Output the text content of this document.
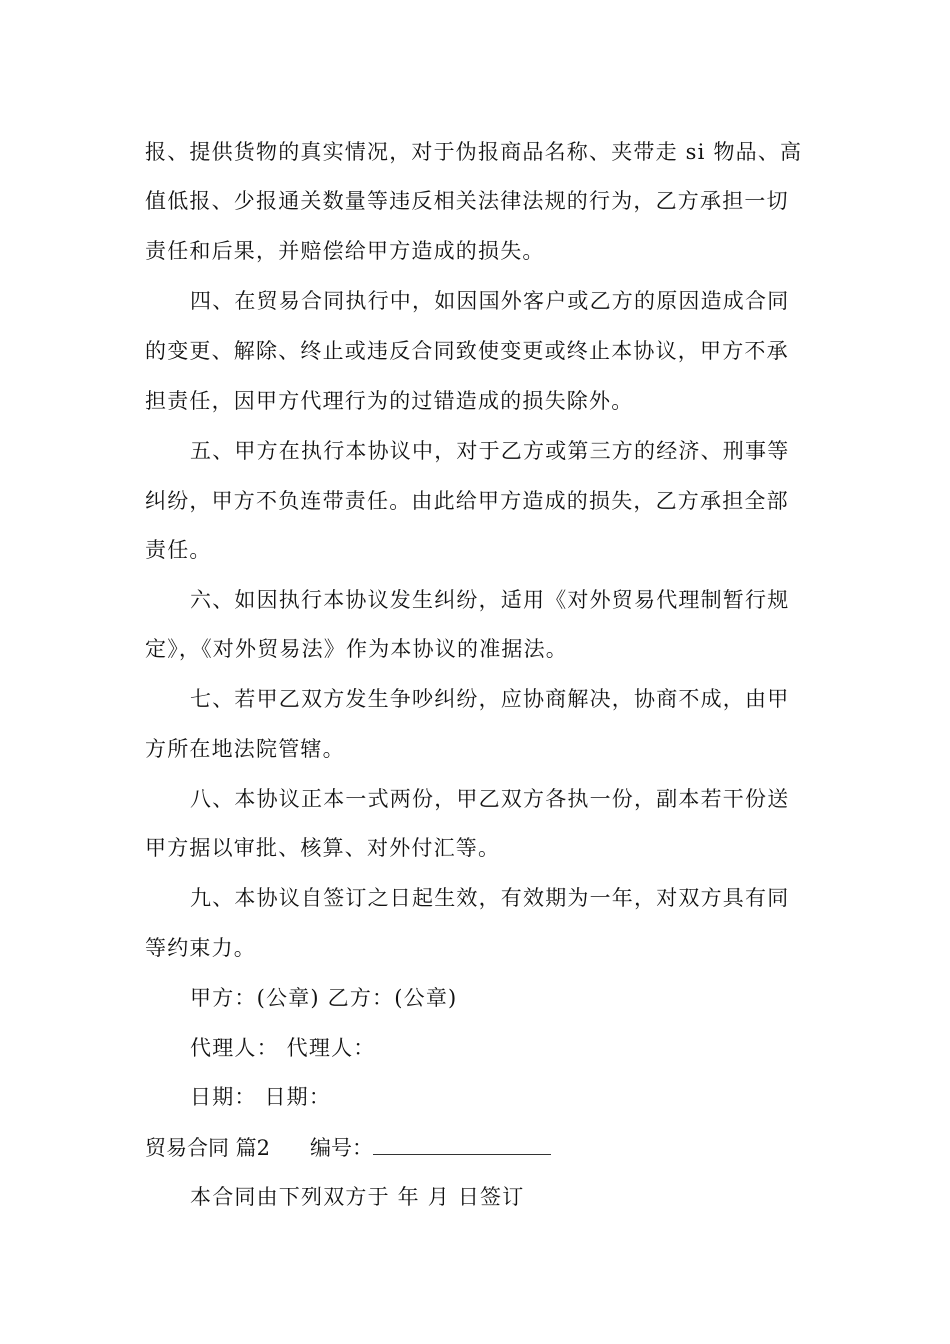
报、提供货物的真实情况，对于伪报商品名称、夹带走 si 物品、高
值低报、少报通关数量等违反相关法律法规的行为，乙方承担一切
责任和后果，并赔偿给甲方造成的损失。
四、在贸易合同执行中，如因国外客户或乙方的原因造成合同
的变更、解除、终止或违反合同致使变更或终止本协议，甲方不承
担责任，因甲方代理行为的过错造成的损失除外。
五、甲方在执行本协议中，对于乙方或第三方的经济、刑事等
纠纷，甲方不负连带责任。由此给甲方造成的损失，乙方承担全部
责任。
六、如因执行本协议发生纠纷，适用《对外贸易代理制暂行规
定》，《对外贸易法》作为本协议的准据法。
七、若甲乙双方发生争吵纠纷，应协商解决，协商不成，由甲
方所在地法院管辖。
八、本协议正本一式两份，甲乙双方各执一份，副本若干份送
甲方据以审批、核算、对外付汇等。
九、本协议自签订之日起生效，有效期为一年，对双方具有同
等约束力。
甲方：(公章) 乙方：(公章)
代理人： 代理人：
日期： 日期：
贸易合同 篇2 编号：
本合同由下列双方于 年 月 日签订
